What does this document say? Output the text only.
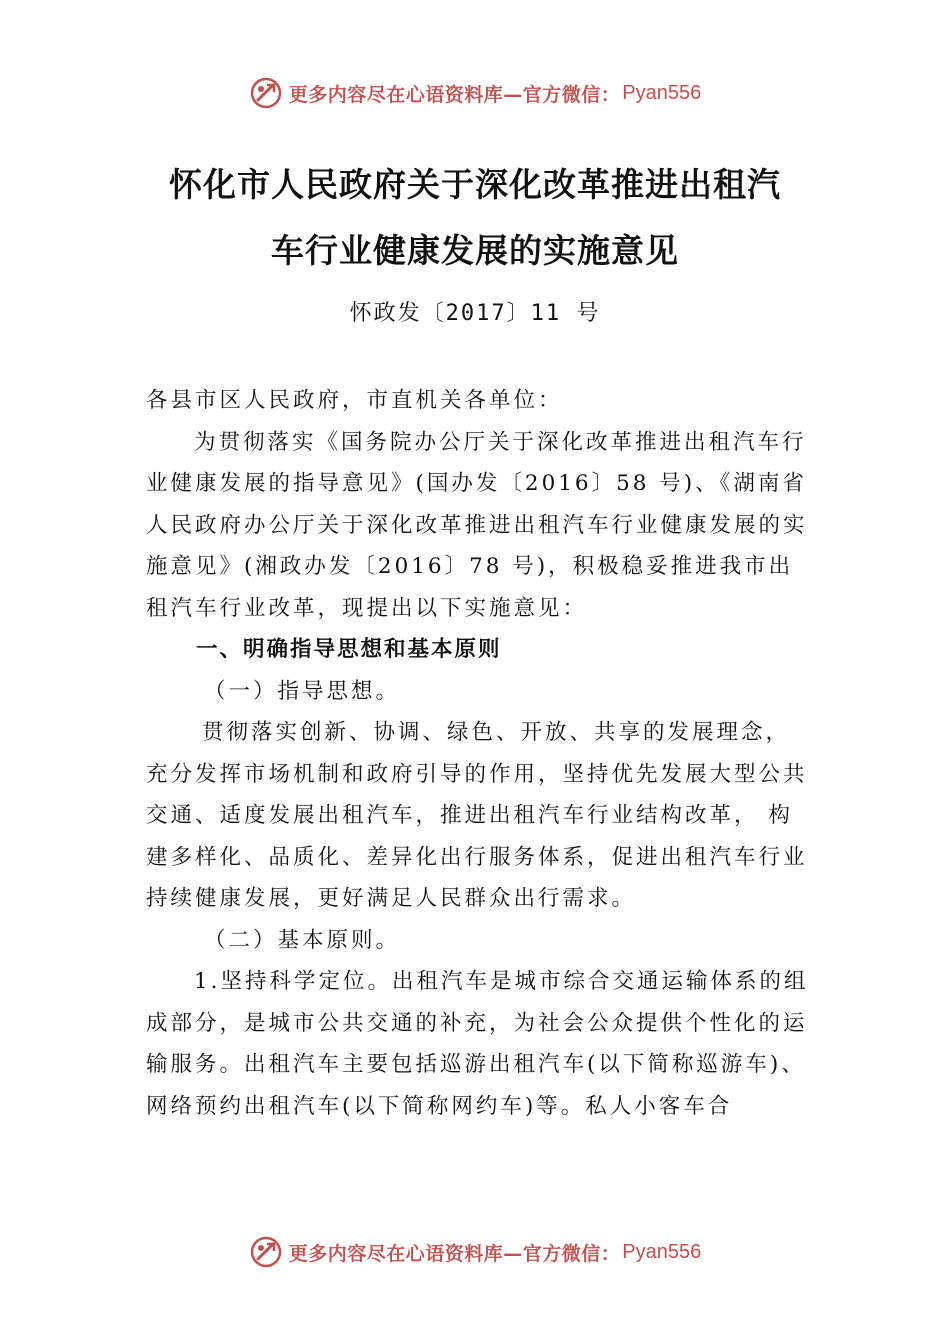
更多内容尽在心语资料库—官方微信： Pyan556
怀化市人民政府关于深化改革推进出租汽
车行业健康发展的实施意见
怀政发〔2017〕11 号

各县市区人民政府，市直机关各单位：

为贯彻落实《国务院办公厅关于深化改革推进出租汽车行业健康发展的指导意见》(国办发〔2016〕58 号)、《湖南省人民政府办公厅关于深化改革推进出租汽车行业健康发展的实施意见》(湘政办发〔2016〕78 号)，积极稳妥推进我市出租汽车行业改革，现提出以下实施意见：

一、明确指导思想和基本原则

（一）指导思想。

贯彻落实创新、协调、绿色、开放、共享的发展理念，

充分发挥市场机制和政府引导的作用，坚持优先发展大型公共交通、适度发展出租汽车，推进出租汽车行业结构改革， 构建多样化、品质化、差异化出行服务体系，促进出租汽车行业持续健康发展，更好满足人民群众出行需求。

（二）基本原则。

1.坚持科学定位。出租汽车是城市综合交通运输体系的组成部分，是城市公共交通的补充，为社会公众提供个性化的运输服务。出租汽车主要包括巡游出租汽车(以下简称巡游车)、网络预约出租汽车(以下简称网约车)等。私人小客车合

更多内容尽在心语资料库—官方微信： Pyan556
